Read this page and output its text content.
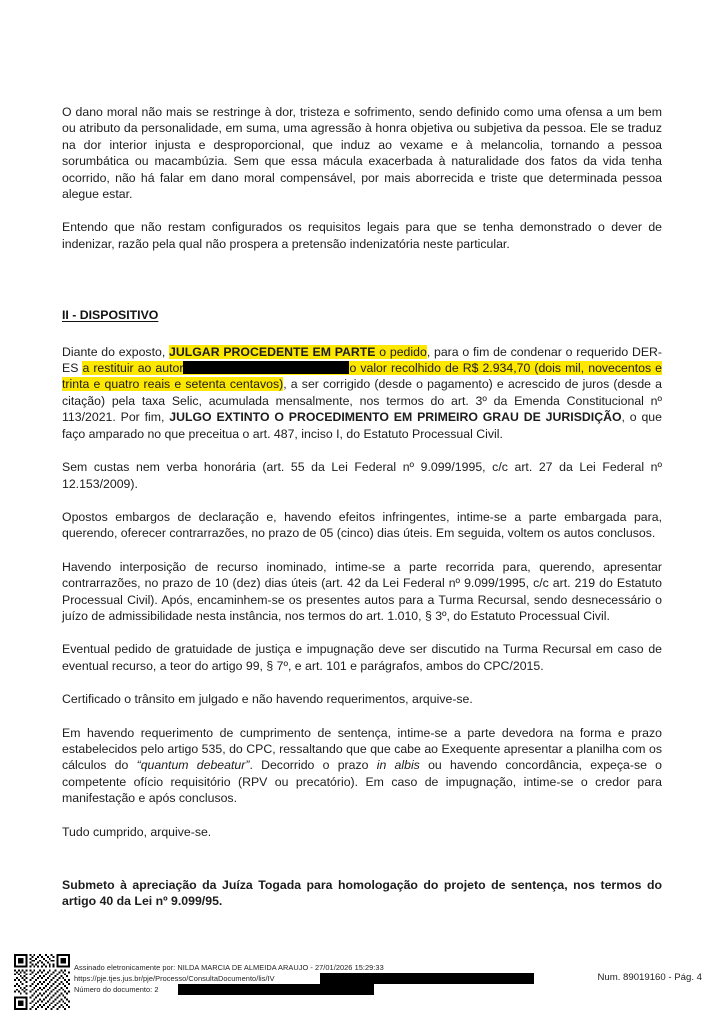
O dano moral não mais se restringe à dor, tristeza e sofrimento, sendo definido como uma ofensa a um bem ou atributo da personalidade, em suma, uma agressão à honra objetiva ou subjetiva da pessoa. Ele se traduz na dor interior injusta e desproporcional, que induz ao vexame e à melancolia, tornando a pessoa sorumbática ou macambúzia. Sem que essa mácula exacerbada à naturalidade dos fatos da vida tenha ocorrido, não há falar em dano moral compensável, por mais aborrecida e triste que determinada pessoa alegue estar.

Entendo que não restam configurados os requisitos legais para que se tenha demonstrado o dever de indenizar, razão pela qual não prospera a pretensão indenizatória neste particular.

II - DISPOSITIVO

Diante do exposto, JULGAR PROCEDENTE EM PARTE o pedido, para o fim de condenar o requerido DER-ES a restituir ao autor	o valor recolhido de R$ 2.934,70 (dois mil, novecentos e trinta e quatro reais e setenta centavos), a ser corrigido (desde o pagamento) e acrescido de juros (desde a citação) pela taxa Selic, acumulada mensalmente, nos termos do art. 3º da Emenda Constitucional nº 113/2021. Por fim, JULGO EXTINTO O PROCEDIMENTO EM PRIMEIRO GRAU DE JURISDIÇÃO, o que faço amparado no que preceitua o art. 487, inciso I, do Estatuto Processual Civil.

Sem custas nem verba honorária (art. 55 da Lei Federal nº 9.099/1995, c/c art. 27 da Lei Federal nº 12.153/2009).

Opostos embargos de declaração e, havendo efeitos infringentes, intime-se a parte embargada para, querendo, oferecer contrarrazões, no prazo de 05 (cinco) dias úteis. Em seguida, voltem os autos conclusos.

Havendo interposição de recurso inominado, intime-se a parte recorrida para, querendo, apresentar contrarrazões, no prazo de 10 (dez) dias úteis (art. 42 da Lei Federal nº 9.099/1995, c/c art. 219 do Estatuto Processual Civil). Após, encaminhem-se os presentes autos para a Turma Recursal, sendo desnecessário o juízo de admissibilidade nesta instância, nos termos do art. 1.010, § 3º, do Estatuto Processual Civil.

Eventual pedido de gratuidade de justiça e impugnação deve ser discutido na Turma Recursal em caso de eventual recurso, a teor do artigo 99, § 7º, e art. 101 e parágrafos, ambos do CPC/2015.

Certificado o trânsito em julgado e não havendo requerimentos, arquive-se.

Em havendo requerimento de cumprimento de sentença, intime-se a parte devedora na forma e prazo estabelecidos pelo artigo 535, do CPC, ressaltando que que cabe ao Exequente apresentar a planilha com os cálculos do “quantum debeatur”. Decorrido o prazo in albis ou havendo concordância, expeça-se o competente ofício requisitório (RPV ou precatório). Em caso de impugnação, intime-se o credor para manifestação e após conclusos.

Tudo cumprido, arquive-se.

Submeto à apreciação da Juíza Togada para homologação do projeto de sentença, nos termos do artigo 40 da Lei nº 9.099/95.

Assinado eletronicamente por: NILDA MARCIA DE ALMEIDA ARAUJO - 27/01/2026 15:29:33
https://pje.tjes.jus.br/pje/Processo/ConsultaDocumento/lis/IV
Número do documento: 2
Num. 89019160 - Pág. 4
